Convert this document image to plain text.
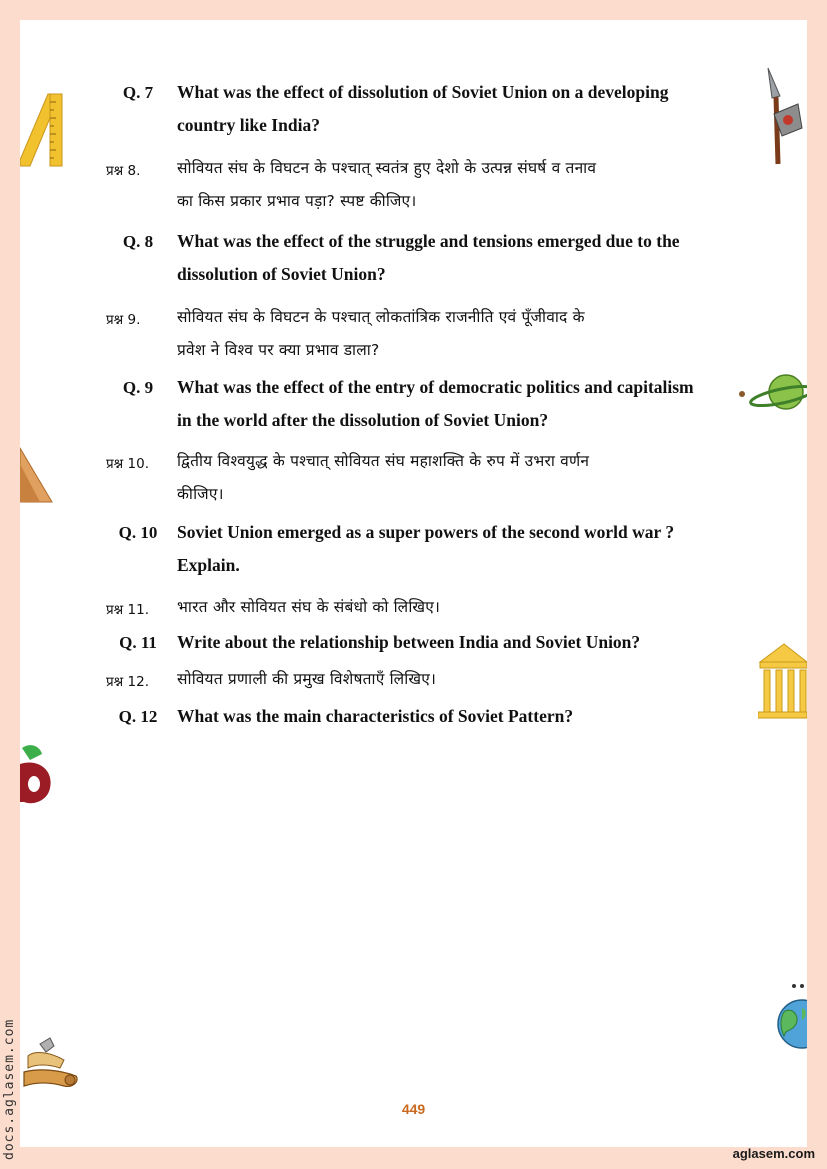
Q. 7	What was the effect of dissolution of Soviet Union on a developing
country like India?
प्रश्न 8.	सोवियत संघ के विघटन के पश्चात् स्वतंत्र हुए देशो के उत्पन्न संघर्ष व तनाव
का किस प्रकार प्रभाव पड़ा? स्पष्ट कीजिए।
Q. 8	What was the effect of the struggle and tensions emerged due to the
dissolution of Soviet Union?
प्रश्न 9.	सोवियत संघ के विघटन के पश्चात् लोकतांत्रिक राजनीति एवं पूँजीवाद के
प्रवेश ने विश्व पर क्या प्रभाव डाला?
Q. 9	What was the effect of the entry of democratic politics and capitalism
in the world after the dissolution of Soviet Union?
प्रश्न 10.	द्वितीय विश्वयुद्ध के पश्चात् सोवियत संघ महाशक्ति के रुप में उभरा वर्णन
कीजिए।
Q. 10	Soviet Union emerged as a super powers of the second world war ?
Explain.
प्रश्न 11.	भारत और सोवियत संघ के संबंधो को लिखिए।
Q. 11	Write about the relationship between India and Soviet Union?
प्रश्न 12.	सोवियत प्रणाली की प्रमुख विशेषताएँ लिखिए।
Q. 12	What was the main characteristics of Soviet Pattern?
449
docs.aglasem.com	aglasem.com
